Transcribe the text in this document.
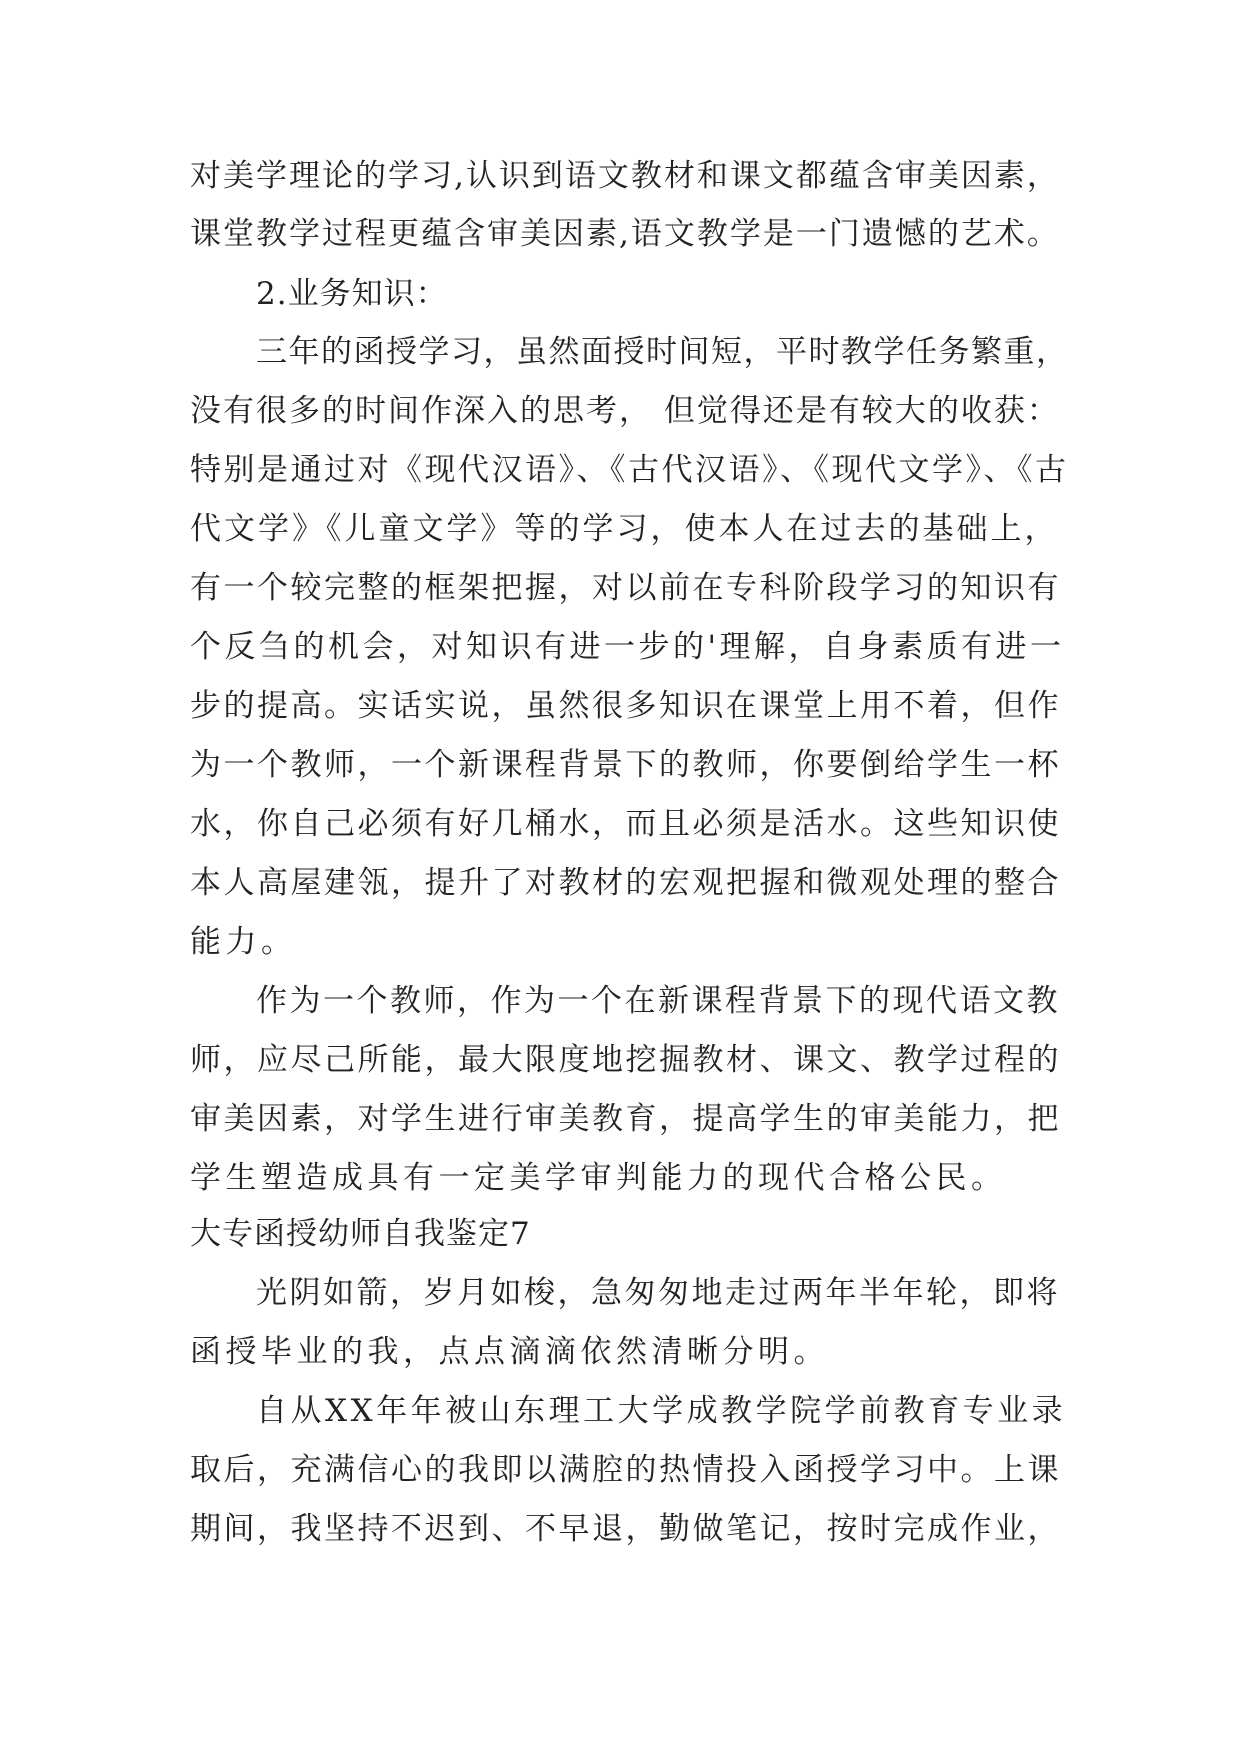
对美学理论的学习,认识到语文教材和课文都蕴含审美因素，
课堂教学过程更蕴含审美因素,语文教学是一门遗憾的艺术。
2.业务知识：
三年的函授学习，虽然面授时间短，平时教学任务繁重，
没有很多的时间作深入的思考， 但觉得还是有较大的收获：
特别是通过对《现代汉语》、《古代汉语》、《现代文学》、《古
代文学》《儿童文学》等的学习，使本人在过去的基础上，
有一个较完整的框架把握，对以前在专科阶段学习的知识有
个反刍的机会，对知识有进一步的'理解，自身素质有进一
步的提高。实话实说，虽然很多知识在课堂上用不着，但作
为一个教师，一个新课程背景下的教师，你要倒给学生一杯
水，你自己必须有好几桶水，而且必须是活水。这些知识使
本人高屋建瓴，提升了对教材的宏观把握和微观处理的整合
能力。
作为一个教师，作为一个在新课程背景下的现代语文教
师，应尽己所能，最大限度地挖掘教材、课文、教学过程的
审美因素，对学生进行审美教育，提高学生的审美能力，把
学生塑造成具有一定美学审判能力的现代合格公民。
大专函授幼师自我鉴定7
光阴如箭，岁月如梭，急匆匆地走过两年半年轮，即将
函授毕业的我，点点滴滴依然清晰分明。
自从XX年年被山东理工大学成教学院学前教育专业录
取后，充满信心的我即以满腔的热情投入函授学习中。上课
期间，我坚持不迟到、不早退，勤做笔记，按时完成作业，
